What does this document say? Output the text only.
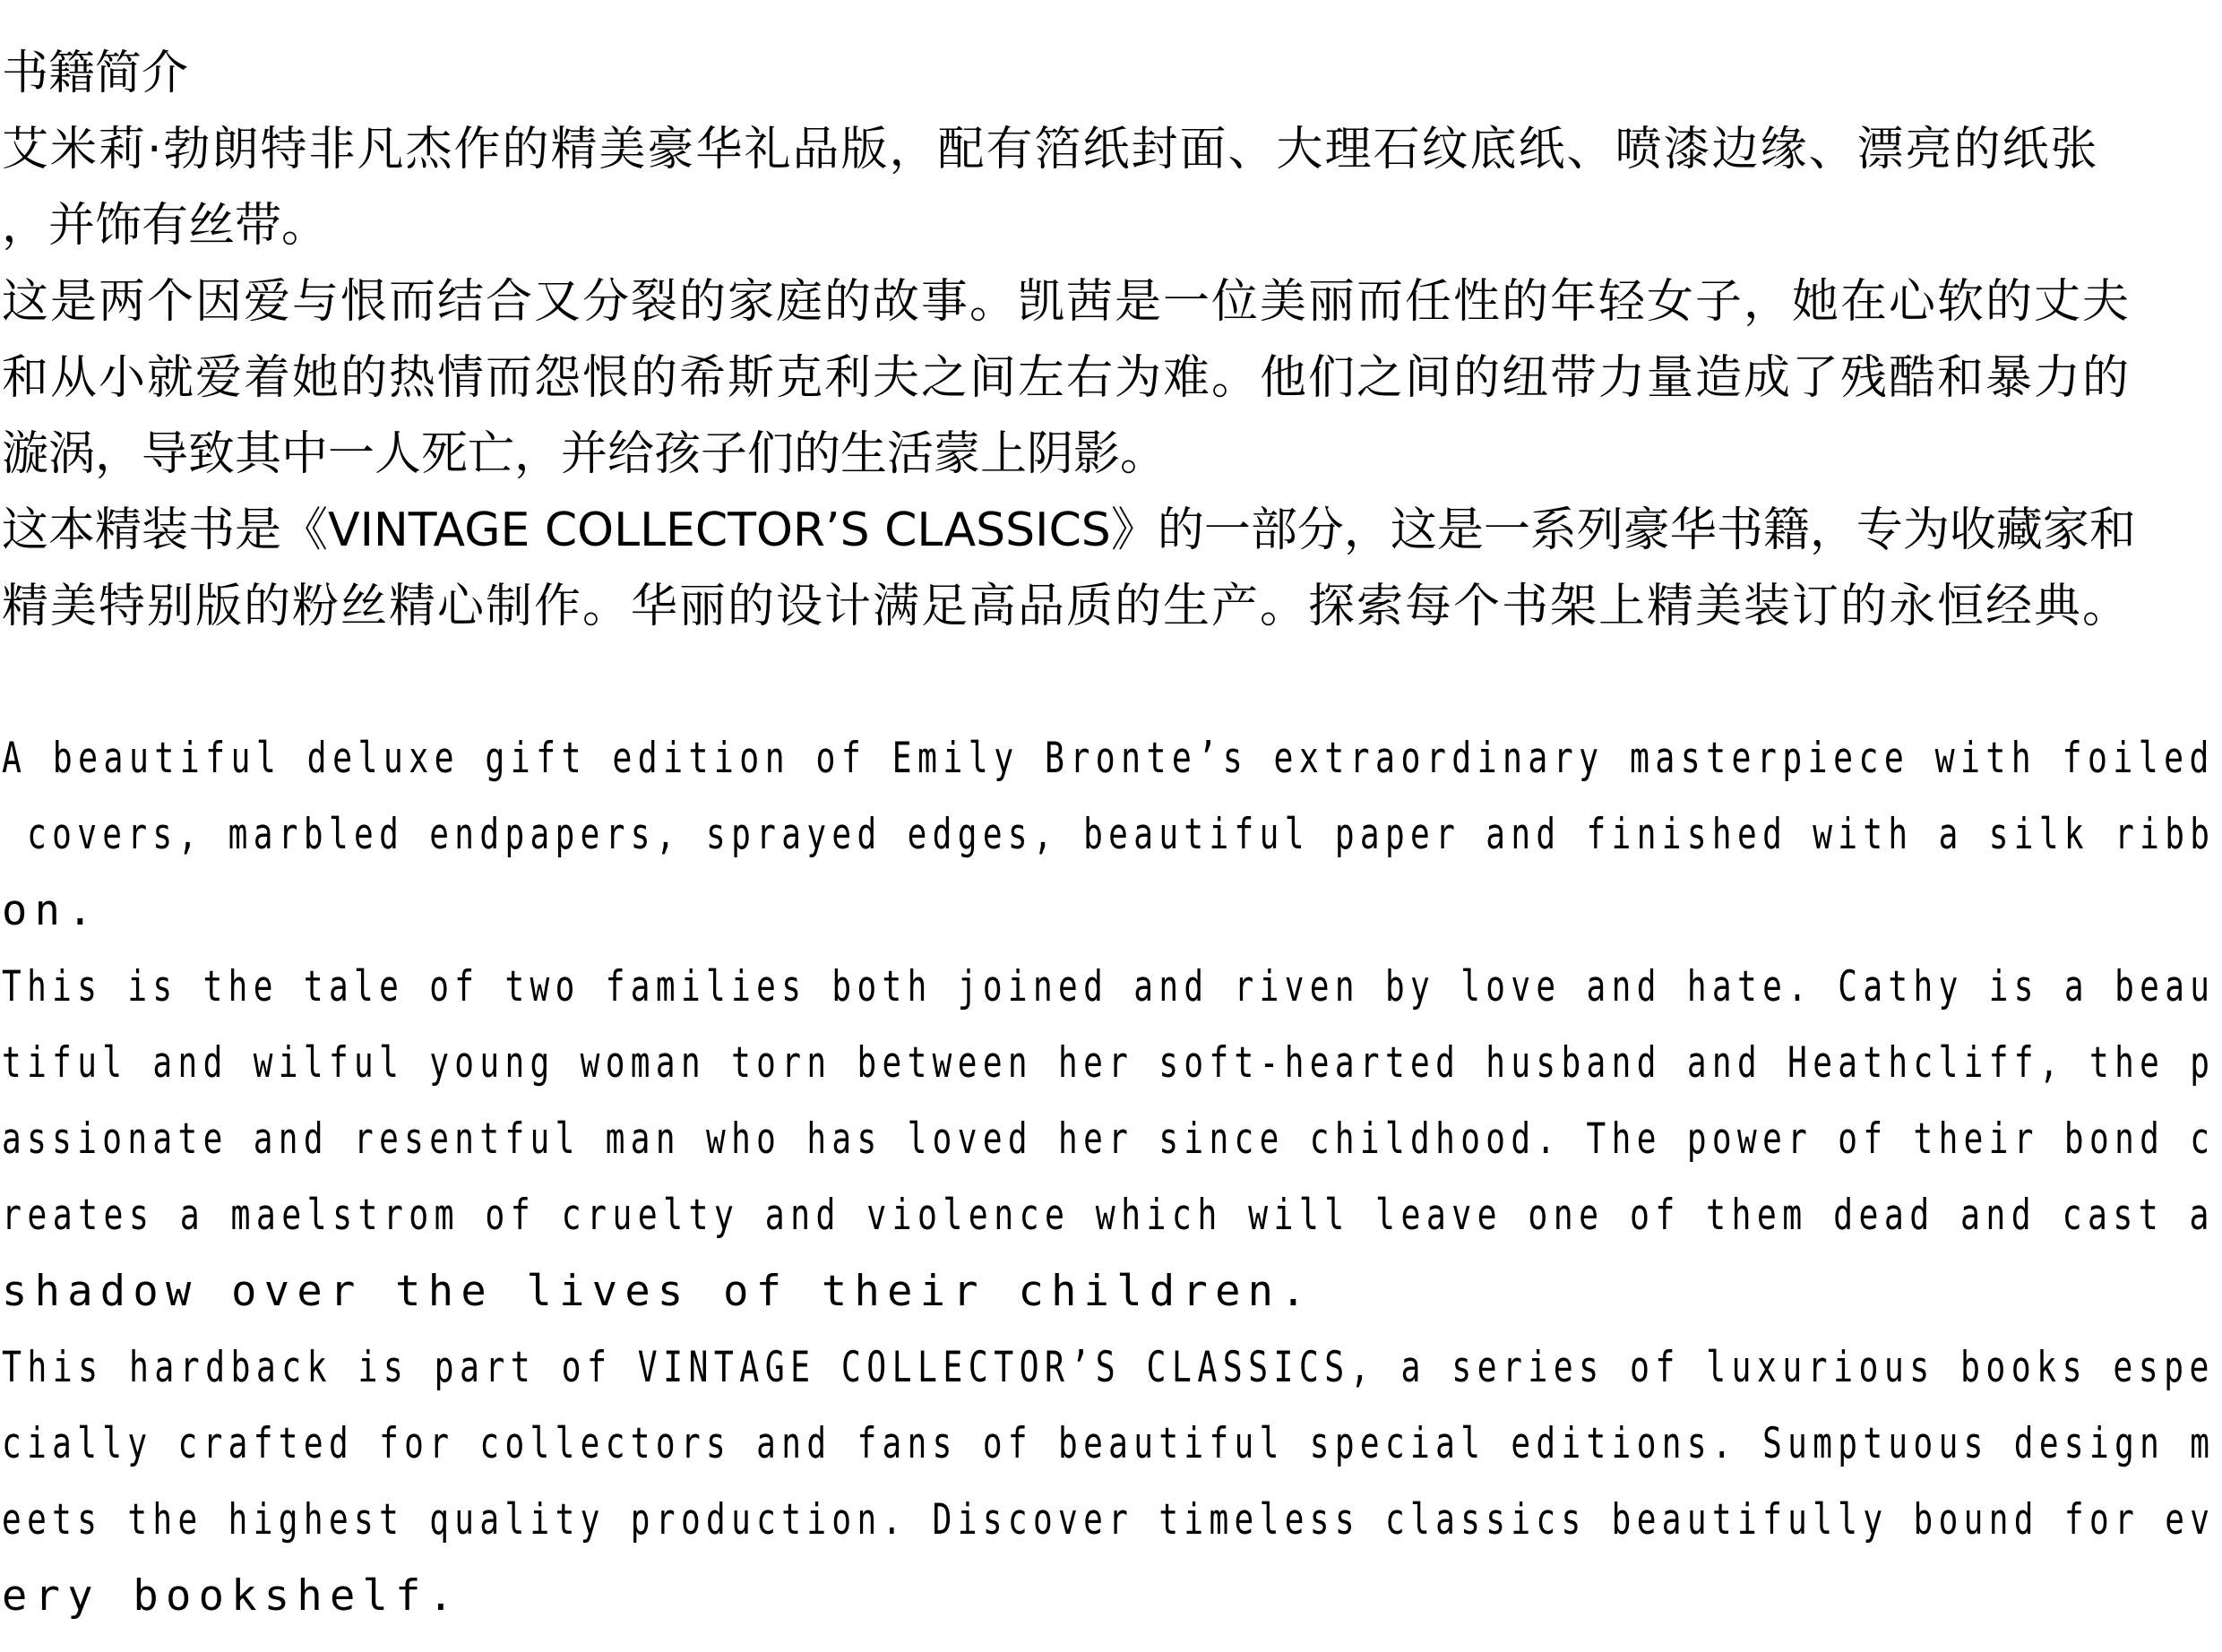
书籍简介
艾米莉·勃朗特非凡杰作的精美豪华礼品版，配有箔纸封面、大理石纹底纸、喷漆边缘、漂亮的纸张
，并饰有丝带。
这是两个因爱与恨而结合又分裂的家庭的故事。凯茜是一位美丽而任性的年轻女子，她在心软的丈夫
和从小就爱着她的热情而怨恨的希斯克利夫之间左右为难。他们之间的纽带力量造成了残酷和暴力的
漩涡，导致其中一人死亡，并给孩子们的生活蒙上阴影。
这本精装书是《VINTAGE COLLECTOR’S CLASSICS》的一部分，这是一系列豪华书籍，专为收藏家和
精美特别版的粉丝精心制作。华丽的设计满足高品质的生产。探索每个书架上精美装订的永恒经典。
A beautiful deluxe gift edition of Emily Bronte’s extraordinary masterpiece with foiled
covers, marbled endpapers, sprayed edges, beautiful paper and finished with a silk ribb
on.
This is the tale of two families both joined and riven by love and hate. Cathy is a beau
tiful and wilful young woman torn between her soft-hearted husband and Heathcliff, the p
assionate and resentful man who has loved her since childhood. The power of their bond c
reates a maelstrom of cruelty and violence which will leave one of them dead and cast a
shadow over the lives of their children.
This hardback is part of VINTAGE COLLECTOR’S CLASSICS, a series of luxurious books espe
cially crafted for collectors and fans of beautiful special editions. Sumptuous design m
eets the highest quality production. Discover timeless classics beautifully bound for ev
ery bookshelf.
